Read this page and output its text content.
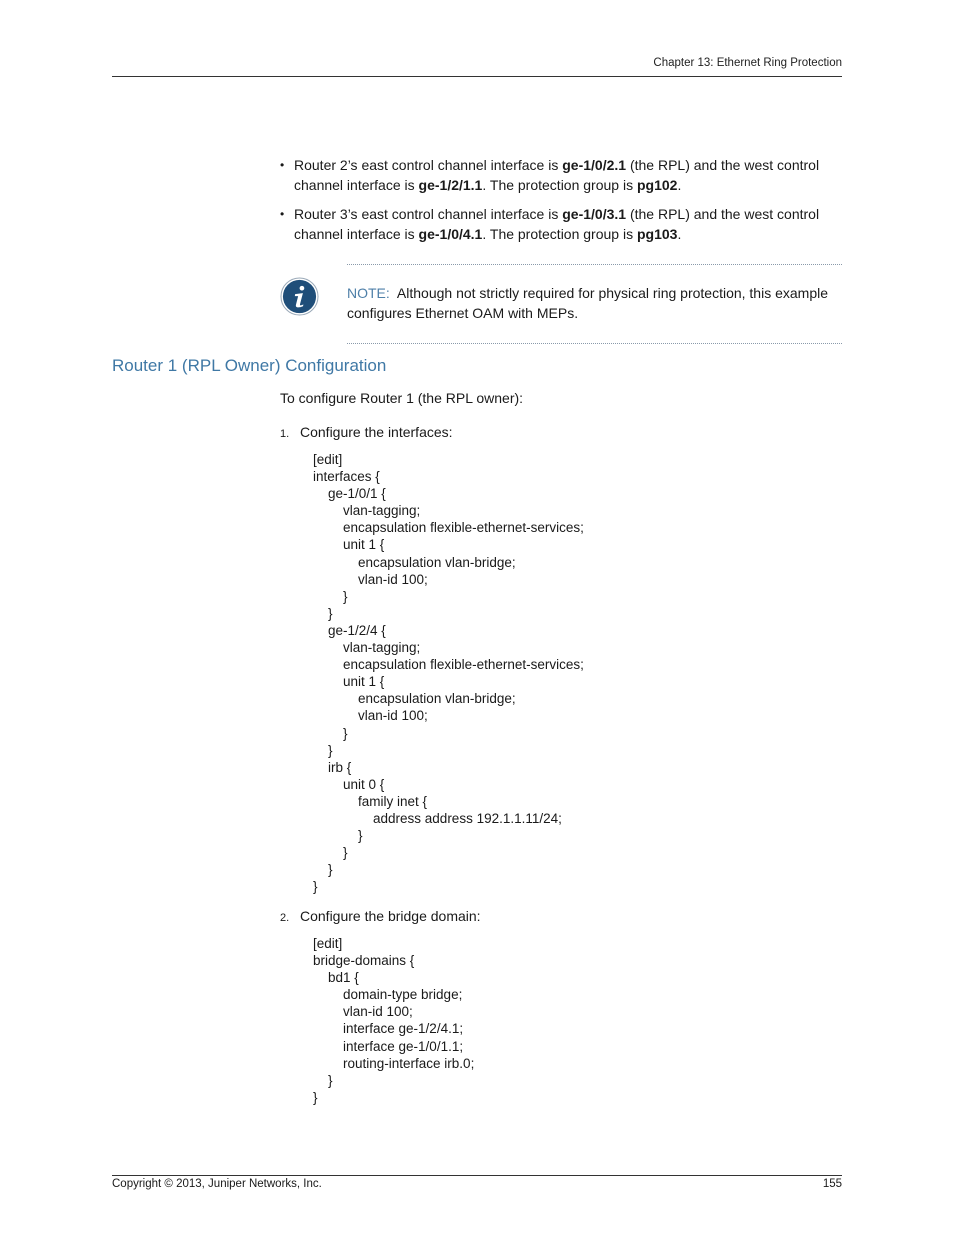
Chapter 13: Ethernet Ring Protection
• Router 2’s east control channel interface is ge-1/0/2.1 (the RPL) and the west control channel interface is ge-1/2/1.1. The protection group is pg102.
• Router 3’s east control channel interface is ge-1/0/3.1 (the RPL) and the west control channel interface is ge-1/0/4.1. The protection group is pg103.
NOTE: Although not strictly required for physical ring protection, this example configures Ethernet OAM with MEPs.
Router 1 (RPL Owner) Configuration

To configure Router 1 (the RPL owner):

1. Configure the interfaces:
[edit]
interfaces {
ge-1/0/1 {
vlan-tagging;
encapsulation flexible-ethernet-services;
unit 1 {
encapsulation vlan-bridge;
vlan-id 100;
}
}
ge-1/2/4 {
vlan-tagging;
encapsulation flexible-ethernet-services;
unit 1 {
encapsulation vlan-bridge;
vlan-id 100;
}
}
irb {
unit 0 {
family inet {
address address 192.1.1.11/24;
}
}
}
}
2. Configure the bridge domain:
[edit]
bridge-domains {
bd1 {
domain-type bridge;
vlan-id 100;
interface ge-1/2/4.1;
interface ge-1/0/1.1;
routing-interface irb.0;
}
}
Copyright © 2013, Juniper Networks, Inc.	155
